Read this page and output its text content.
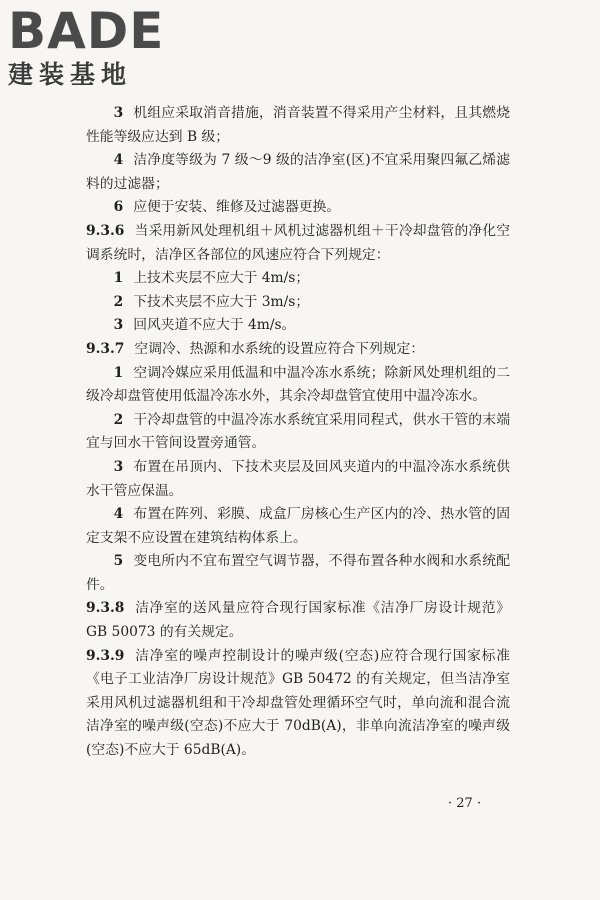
BADE
建装基地

3 机组应采取消音措施，消音装置不得采用产尘材料，且其燃烧性能等级应达到 B 级；

4 洁净度等级为 7 级～9 级的洁净室(区)不宜采用聚四氟乙烯滤料的过滤器；

6 应便于安装、维修及过滤器更换。

9.3.6 当采用新风处理机组＋风机过滤器机组＋干冷却盘管的净化空调系统时，洁净区各部位的风速应符合下列规定：

1 上技术夹层不应大于 4m/s；

2 下技术夹层不应大于 3m/s；

3 回风夹道不应大于 4m/s。

9.3.7 空调冷、热源和水系统的设置应符合下列规定：

1 空调冷媒应采用低温和中温冷冻水系统；除新风处理机组的二级冷却盘管使用低温冷冻水外，其余冷却盘管宜使用中温冷冻水。

2 干冷却盘管的中温冷冻水系统宜采用同程式，供水干管的末端宜与回水干管间设置旁通管。

3 布置在吊顶内、下技术夹层及回风夹道内的中温冷冻水系统供水干管应保温。

4 布置在阵列、彩膜、成盒厂房核心生产区内的冷、热水管的固定支架不应设置在建筑结构体系上。

5 变电所内不宜布置空气调节器，不得布置各种水阀和水系统配件。

9.3.8 洁净室的送风量应符合现行国家标准《洁净厂房设计规范》GB 50073 的有关规定。

9.3.9 洁净室的噪声控制设计的噪声级(空态)应符合现行国家标准《电子工业洁净厂房设计规范》GB 50472 的有关规定，但当洁净室采用风机过滤器机组和干冷却盘管处理循环空气时，单向流和混合流洁净室的噪声级(空态)不应大于 70dB(A)，非单向流洁净室的噪声级(空态)不应大于 65dB(A)。

· 27 ·
